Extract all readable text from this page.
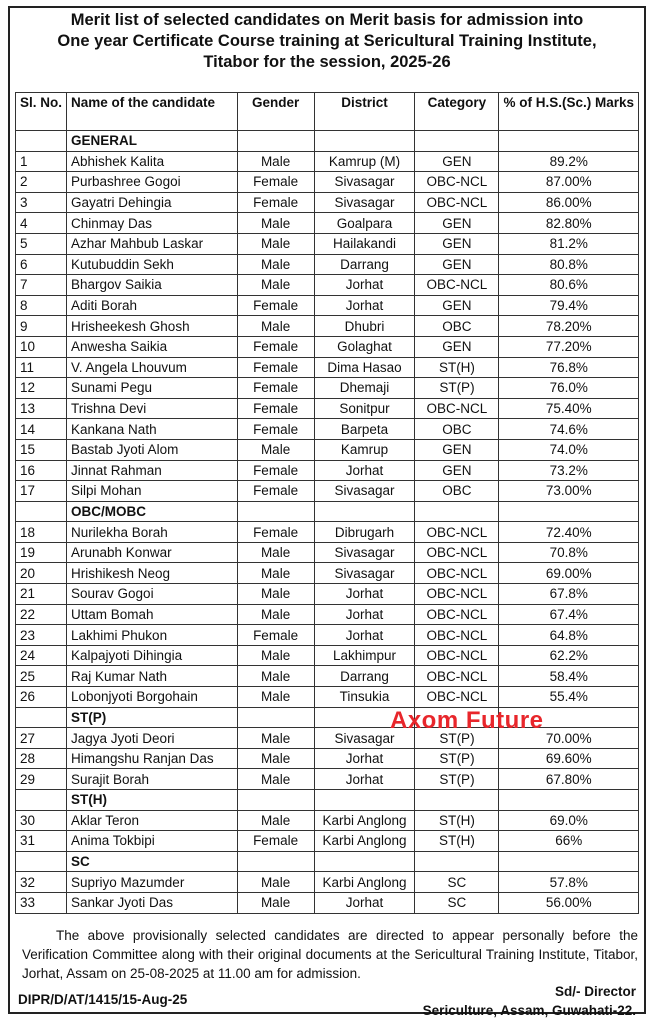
Merit list of selected candidates on Merit basis for admission into
One year Certificate Course training at Sericultural Training Institute,
Titabor for the session, 2025-26
Sl. No.	Name of the candidate	Gender	District	Category	% of H.S.(Sc.) Marks
	GENERAL				
1	Abhishek Kalita	Male	Kamrup (M)	GEN	89.2%
2	Purbashree Gogoi	Female	Sivasagar	OBC-NCL	87.00%
3	Gayatri Dehingia	Female	Sivasagar	OBC-NCL	86.00%
4	Chinmay Das	Male	Goalpara	GEN	82.80%
5	Azhar Mahbub Laskar	Male	Hailakandi	GEN	81.2%
6	Kutubuddin Sekh	Male	Darrang	GEN	80.8%
7	Bhargov Saikia	Male	Jorhat	OBC-NCL	80.6%
8	Aditi Borah	Female	Jorhat	GEN	79.4%
9	Hrisheekesh Ghosh	Male	Dhubri	OBC	78.20%
10	Anwesha Saikia	Female	Golaghat	GEN	77.20%
11	V. Angela Lhouvum	Female	Dima Hasao	ST(H)	76.8%
12	Sunami Pegu	Female	Dhemaji	ST(P)	76.0%
13	Trishna Devi	Female	Sonitpur	OBC-NCL	75.40%
14	Kankana Nath	Female	Barpeta	OBC	74.6%
15	Bastab Jyoti Alom	Male	Kamrup	GEN	74.0%
16	Jinnat Rahman	Female	Jorhat	GEN	73.2%
17	Silpi Mohan	Female	Sivasagar	OBC	73.00%
	OBC/MOBC				
18	Nurilekha Borah	Female	Dibrugarh	OBC-NCL	72.40%
19	Arunabh Konwar	Male	Sivasagar	OBC-NCL	70.8%
20	Hrishikesh Neog	Male	Sivasagar	OBC-NCL	69.00%
21	Sourav Gogoi	Male	Jorhat	OBC-NCL	67.8%
22	Uttam Bomah	Male	Jorhat	OBC-NCL	67.4%
23	Lakhimi Phukon	Female	Jorhat	OBC-NCL	64.8%
24	Kalpajyoti Dihingia	Male	Lakhimpur	OBC-NCL	62.2%
25	Raj Kumar Nath	Male	Darrang	OBC-NCL	58.4%
26	Lobonjyoti Borgohain	Male	Tinsukia	OBC-NCL	55.4%
	ST(P)				
27	Jagya Jyoti Deori	Male	Sivasagar	ST(P)	70.00%
28	Himangshu Ranjan Das	Male	Jorhat	ST(P)	69.60%
29	Surajit Borah	Male	Jorhat	ST(P)	67.80%
	ST(H)				
30	Aklar Teron	Male	Karbi Anglong	ST(H)	69.0%
31	Anima Tokbipi	Female	Karbi Anglong	ST(H)	66%
	SC				
32	Supriyo Mazumder	Male	Karbi Anglong	SC	57.8%
33	Sankar Jyoti Das	Male	Jorhat	SC	56.00%

The above provisionally selected candidates are directed to appear personally before the Verification Committee along with their original documents at the Sericultural Training Institute, Titabor, Jorhat, Assam on 25-08-2025 at 11.00 am for admission.

DIPR/D/AT/1415/15-Aug-25
Sd/- Director
Sericulture, Assam, Guwahati-22.
Axom Future
